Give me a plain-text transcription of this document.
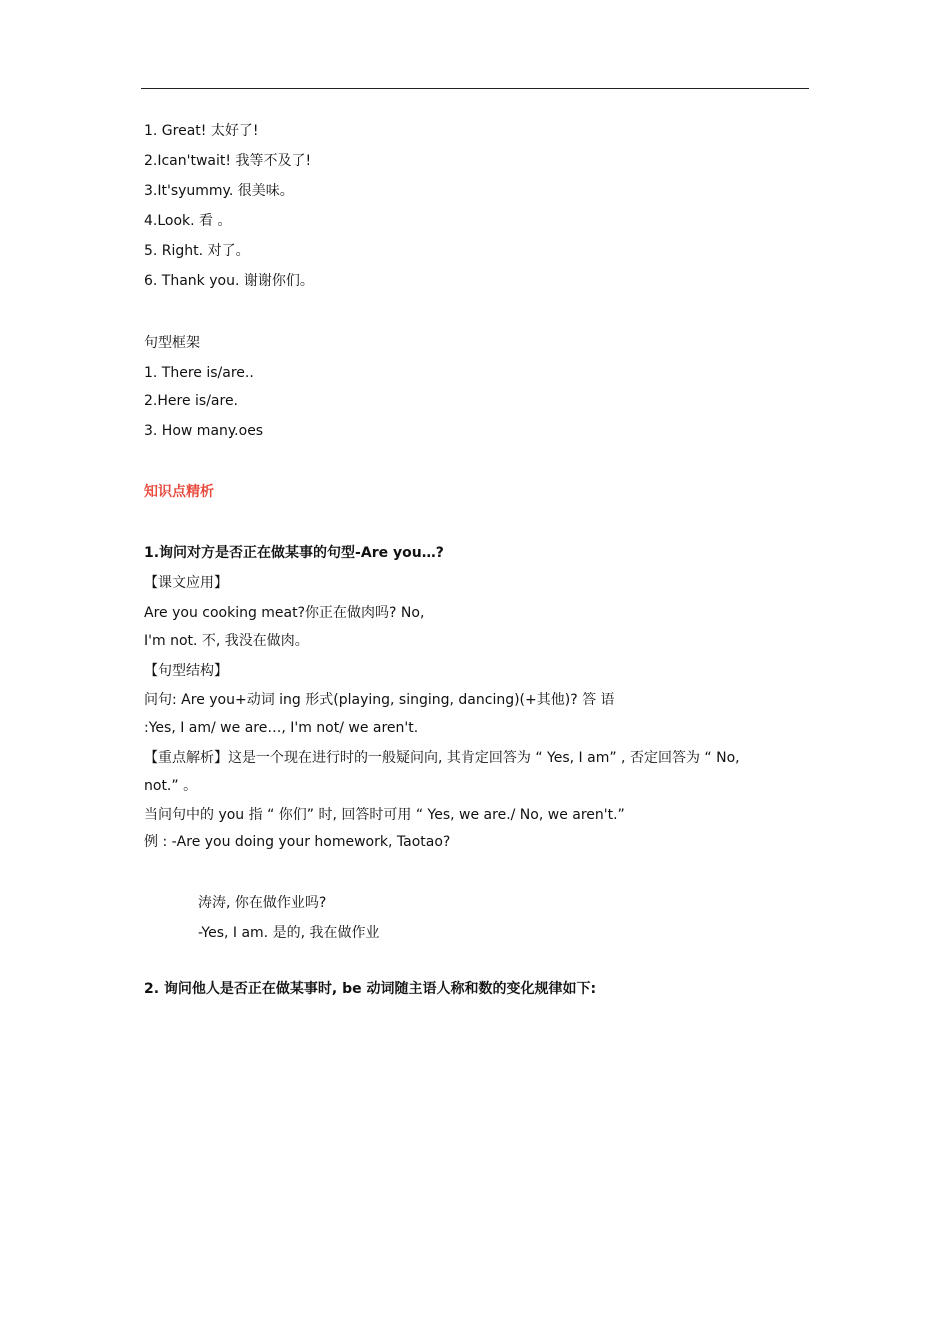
1. Great! 太好了!
2.Ican'twait! 我等不及了!
3.It'syummy. 很美味。
4.Look. 看 。
5. Right. 对了。
6. Thank you. 谢谢你们。
句型框架
1. There is/are..
2.Here is/are.
3. How many.oes
知识点精析
1.询问对方是否正在做某事的句型-Are you…?
【课文应用】
Are you cooking meat?你正在做肉吗? No,
I'm not. 不, 我没在做肉。
【句型结构】
问句: Are you+动词 ing 形式(playing, singing, dancing)(+其他)? 答 语
:Yes, I am/ we are…, I'm not/ we aren't.
【重点解析】这是一个现在进行时的一般疑问向, 其肯定回答为 “ Yes, I am” , 否定回答为 “ No,
not.” 。
当问句中的 you 指 “ 你们” 时, 回答时可用 “ Yes, we are./ No, we aren't.”
例 : -Are you doing your homework, Taotao?
涛涛, 你在做作业吗?
-Yes, I am. 是的, 我在做作业
2. 询问他人是否正在做某事时, be 动词随主语人称和数的变化规律如下:
